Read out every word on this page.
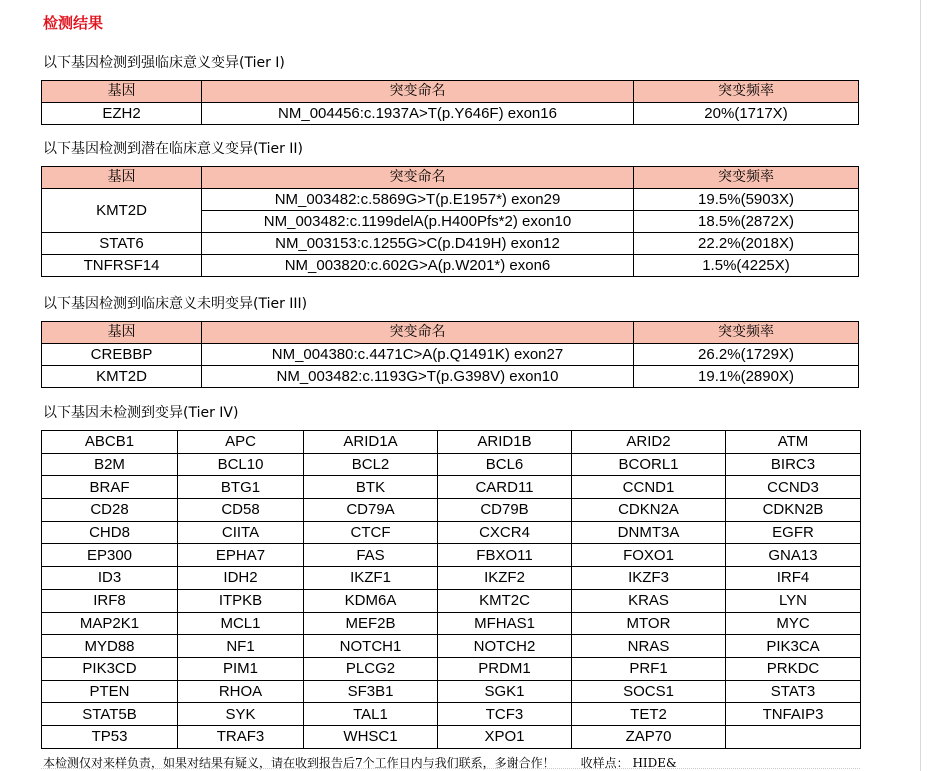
检测结果
以下基因检测到强临床意义变异(Tier I)
基因	突变命名	突变频率
EZH2	NM_004456:c.1937A>T(p.Y646F) exon16	20%(1717X)
以下基因检测到潜在临床意义变异(Tier II)
基因	突变命名	突变频率
KMT2D	NM_003482:c.5869G>T(p.E1957*) exon29	19.5%(5903X)
	NM_003482:c.1199delA(p.H400Pfs*2) exon10	18.5%(2872X)
STAT6	NM_003153:c.1255G>C(p.D419H) exon12	22.2%(2018X)
TNFRSF14	NM_003820:c.602G>A(p.W201*) exon6	1.5%(4225X)
以下基因检测到临床意义未明变异(Tier III)
基因	突变命名	突变频率
CREBBP	NM_004380:c.4471C>A(p.Q1491K) exon27	26.2%(1729X)
KMT2D	NM_003482:c.1193G>T(p.G398V) exon10	19.1%(2890X)
以下基因未检测到变异(Tier IV)
ABCB1	APC	ARID1A	ARID1B	ARID2	ATM
B2M	BCL10	BCL2	BCL6	BCORL1	BIRC3
BRAF	BTG1	BTK	CARD11	CCND1	CCND3
CD28	CD58	CD79A	CD79B	CDKN2A	CDKN2B
CHD8	CIITA	CTCF	CXCR4	DNMT3A	EGFR
EP300	EPHA7	FAS	FBXO11	FOXO1	GNA13
ID3	IDH2	IKZF1	IKZF2	IKZF3	IRF4
IRF8	ITPKB	KDM6A	KMT2C	KRAS	LYN
MAP2K1	MCL1	MEF2B	MFHAS1	MTOR	MYC
MYD88	NF1	NOTCH1	NOTCH2	NRAS	PIK3CA
PIK3CD	PIM1	PLCG2	PRDM1	PRF1	PRKDC
PTEN	RHOA	SF3B1	SGK1	SOCS1	STAT3
STAT5B	SYK	TAL1	TCF3	TET2	TNFAIP3
TP53	TRAF3	WHSC1	XPO1	ZAP70	
本检测仅对来样负责，如果对结果有疑义，请在收到报告后7个工作日内与我们联系，多谢合作！ 收样点： HIDE&
